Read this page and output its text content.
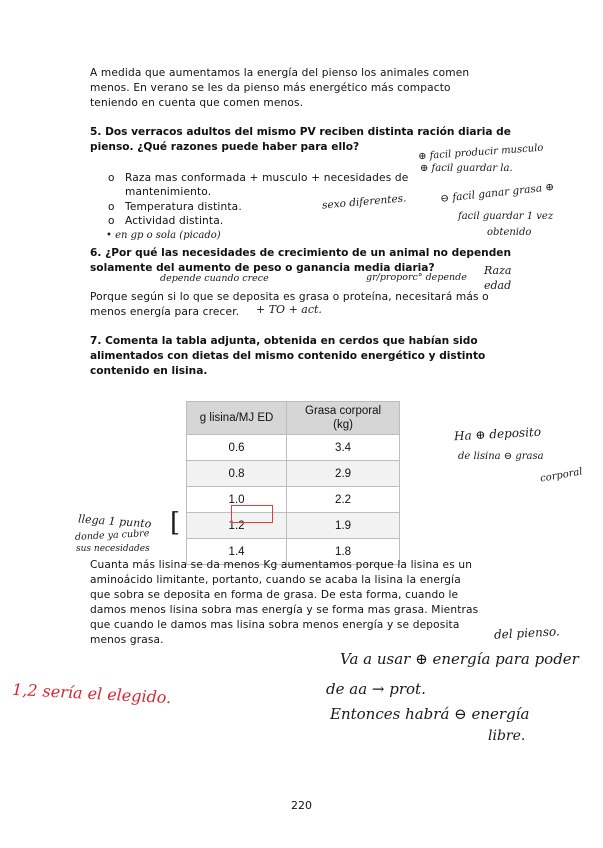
A medida que aumentamos la energía del pienso los animales comen
menos. En verano se les da pienso más energético más compacto
teniendo en cuenta que comen menos.
5. Dos verracos adultos del mismo PV reciben distinta ración diaria de
pienso. ¿Qué razones puede haber para ello?
o Raza mas conformada + musculo + necesidades de
mantenimiento.
o Temperatura distinta.
o Actividad distinta.
• en gp o sola (picado)
⊕ facil producir musculo
⊕ facil guardar la.
sexo diferentes.	⊖ facil ganar grasa ⊕
facil guardar 1 vez
obtenido
6. ¿Por qué las necesidades de crecimiento de un animal no dependen
solamente del aumento de peso o ganancia media diaria?
depende cuando crece	gr/proporc° depende
Raza
edad
Porque según si lo que se deposita es grasa o proteína, necesitará más o
menos energía para crecer. + TO + act.
7. Comenta la tabla adjunta, obtenida en cerdos que habían sido
alimentados con dietas del mismo contenido energético y distinto
contenido en lisina.
g lisina/MJ ED	Grasa corporal
(kg)
0.6	3.4
0.8	2.9
1.0	2.2
1.2	1.9
1.4	1.8
Ha ⊕ deposito
de lisina ⊖ grasa
corporal
llega 1 punto
donde ya cubre
sus necesidades
[
Cuanta más lisina se da menos Kg aumentamos porque la lisina es un
aminoácido limitante, portanto, cuando se acaba la lisina la energía
que sobra se deposita en forma de grasa. De esta forma, cuando le
damos menos lisina sobra mas energía y se forma mas grasa. Mientras
que cuando le damos mas lisina sobra menos energía y se deposita
menos grasa.	del pienso.
Va a usar ⊕ energía para poder
de aa → prot.
Entonces habrá ⊖ energía
libre.
1,2 sería el elegido.
220
